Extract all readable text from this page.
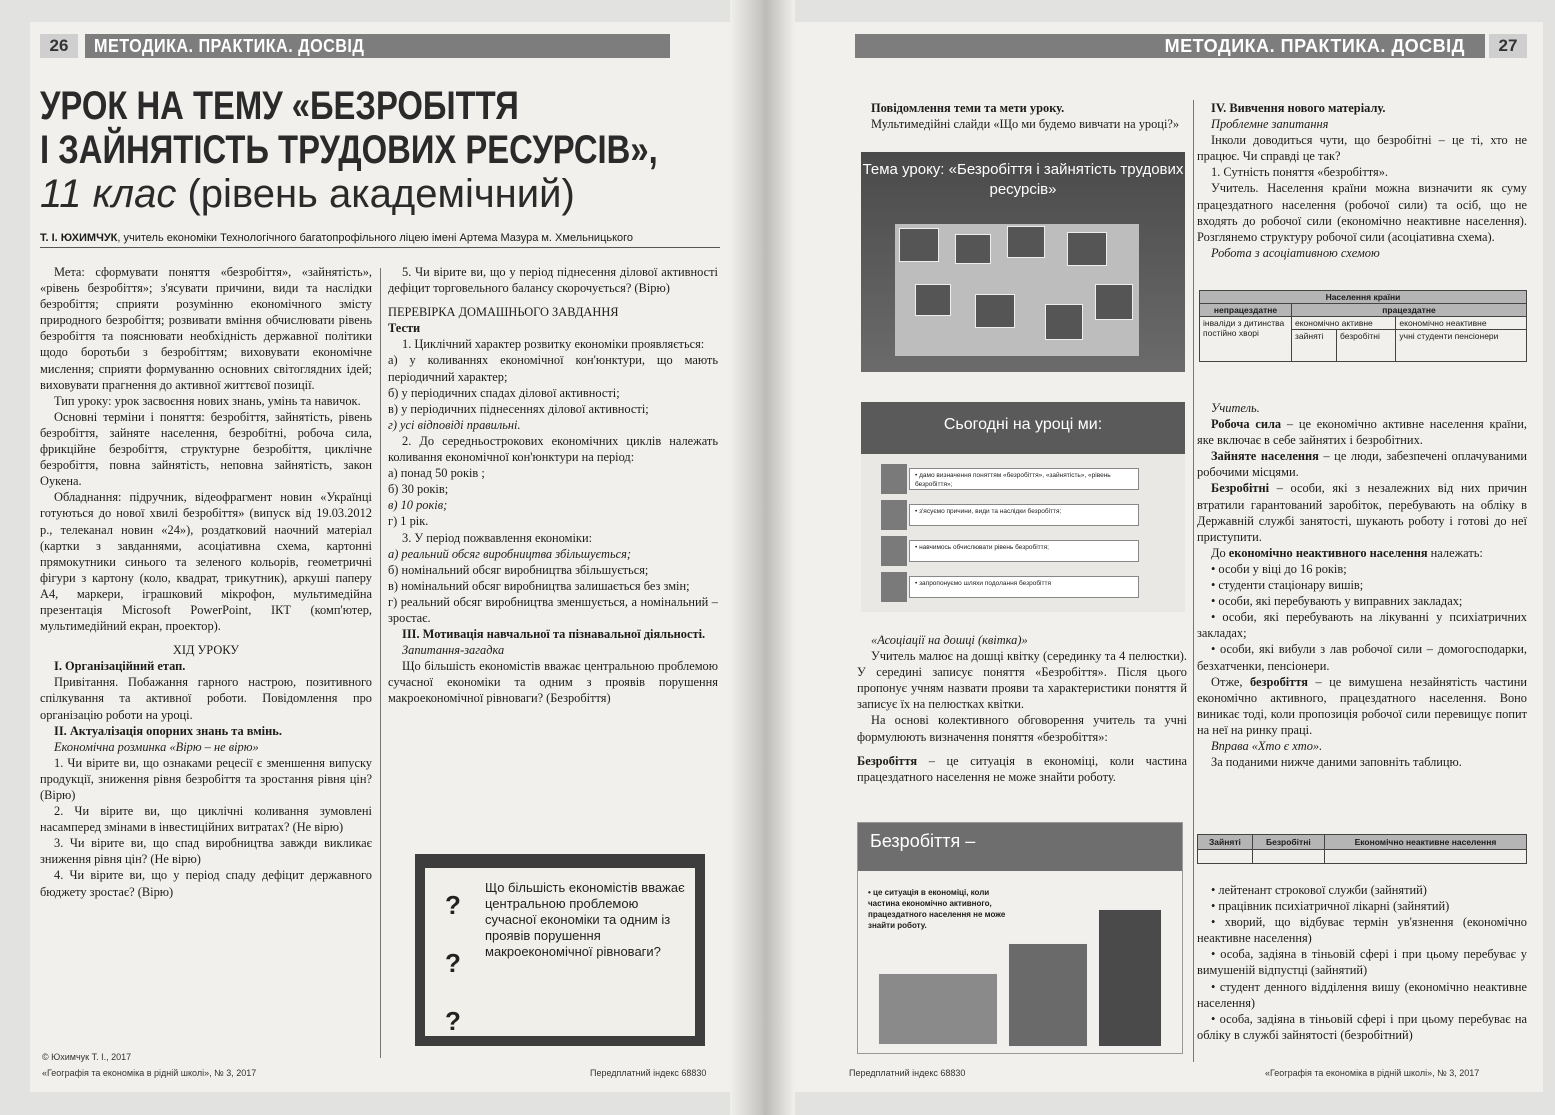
26	МЕТОДИКА. ПРАКТИКА. ДОСВІД
УРОК НА ТЕМУ «БЕЗРОБІТТЯ
І ЗАЙНЯТІСТЬ ТРУДОВИХ РЕСУРСІВ»,
11 клас (рівень академічний)
Т. І. ЮХИМЧУК, учитель економіки Технологічного багатопрофільного ліцею імені Артема Мазура м. Хмельницького

Мета: сформувати поняття «безробіття», «зайнятість», «рівень безробіття»; з'ясувати причини, види та наслідки безробіття; сприяти розумінню економічного змісту природного безробіття; розвивати вміння обчислювати рівень безробіття та пояснювати необхідність державної політики щодо боротьби з безробіттям; виховувати економічне мислення; сприяти формуванню основних світоглядних ідей; виховувати прагнення до активної життєвої позиції.

Тип уроку: урок засвоєння нових знань, умінь та навичок.

Основні терміни і поняття: безробіття, зайнятість, рівень безробіття, зайняте населення, безробітні, робоча сила, фрикційне безробіття, структурне безробіття, циклічне безробіття, повна зайнятість, неповна зайнятість, закон Оукена.

Обладнання: підручник, відеофрагмент новин «Українці готуються до нової хвилі безробіття» (випуск від 19.03.2012 р., телеканал новин «24»), роздатковий наочний матеріал (картки з завданнями, асоціативна схема, картонні прямокутники синього та зеленого кольорів, геометричні фігури з картону (коло, квадрат, трикутник), аркуші паперу А4, маркери, іграшковий мікрофон, мультимедійна презентація Microsoft PowerPoint, ІКТ (комп'ютер, мультимедійний екран, проектор).

ХІД УРОКУ

І. Організаційний етап.

Привітання. Побажання гарного настрою, позитивного спілкування та активної роботи. Повідомлення про організацію роботи на уроці.

ІІ. Актуалізація опорних знань та вмінь.

Економічна розминка «Вірю – не вірю»

1. Чи вірите ви, що ознаками рецесії є зменшення випуску продукції, зниження рівня безробіття та зростання рівня цін? (Вірю)

2. Чи вірите ви, що циклічні коливання зумовлені насамперед змінами в інвестиційних витратах? (Не вірю)

3. Чи вірите ви, що спад виробництва завжди викликає зниження рівня цін? (Не вірю)

4. Чи вірите ви, що у період спаду дефіцит державного бюджету зростає? (Вірю)

5. Чи вірите ви, що у період піднесення ділової активності дефіцит торговельного балансу скорочується? (Вірю)

ПЕРЕВІРКА ДОМАШНЬОГО ЗАВДАННЯ

Тести

1. Циклічний характер розвитку економіки проявляється:

а) у коливаннях економічної кон'юнктури, що мають періодичний характер;

б) у періодичних спадах ділової активності;

в) у періодичних піднесеннях ділової активності;

г) усі відповіді правильні.

2. До середньострокових економічних циклів належать коливання економічної кон'юнктури на період:

а) понад 50 років ;

б) 30 років;

в) 10 років;

г) 1 рік.

3. У період пожвавлення економіки:

а) реальний обсяг виробництва збільшується;

б) номінальний обсяг виробництва збільшується;

в) номінальний обсяг виробництва залишається без змін;

г) реальний обсяг виробництва зменшується, а номінальний – зростає.

ІІІ. Мотивація навчальної та пізнавальної діяльності.

Запитання-загадка

Що більшість економістів вважає центральною проблемою сучасної економіки та одним з проявів порушення макроекономічної рівноваги? (Безробіття)

?
?
?
Що більшість економістів вважає центральною проблемою сучасної економіки та одним із проявів порушення макроекономічної рівноваги?
© Юхимчук Т. І., 2017
«Географія та економіка в рідній школі», № 3, 2017	Передплатний індекс 68830
МЕТОДИКА. ПРАКТИКА. ДОСВІД	27

Повідомлення теми та мети уроку.

Мультимедійні слайди «Що ми будемо вивчати на уроці?»

Тема уроку: «Безробіття і зайнятість трудових ресурсів»
Сьогодні на уроці ми:
• дамо визначення поняттям «безробіття», «зайнятість», «рівень безробіття»;
• з'ясуємо причини, види та наслідки безробіття;
• навчимось обчислювати рівень безробіття;
• запропонуємо шляхи подолання безробіття

«Асоціації на дошці (квітка)»

Учитель малює на дошці квітку (серединку та 4 пелюстки). У середині записує поняття «Безробіття». Після цього пропонує учням назвати прояви та характеристики поняття й записує їх на пелюстках квітки.

На основі колективного обговорення учитель та учні формулюють визначення поняття «безробіття»:

Безробіття – це ситуація в економіці, коли частина працездатного населення не може знайти роботу.

Безробіття –
• це ситуація в економіці, коли частина економічно активного, працездатного населення не може знайти роботу.

IV. Вивчення нового матеріалу.

Проблемне запитання

Інколи доводиться чути, що безробітні – це ті, хто не працює. Чи справді це так?

1. Сутність поняття «безробіття».

Учитель. Населення країни можна визначити як суму працездатного населення (робочої сили) та осіб, що не входять до робочої сили (економічно неактивне населення). Розглянемо структуру робочої сили (асоціативна схема).

Робота з асоціативною схемою

Населення країни			
непрацездатне	працездатне		
інваліди з дитинства постійно хворі	економічно активне		економічно неактивне
	зайняті	безробітні	учні студенти пенсіонери

Учитель.

Робоча сила – це економічно активне населення країни, яке включає в себе зайнятих і безробітних.

Зайняте населення – це люди, забезпечені оплачуваними робочими місцями.

Безробітні – особи, які з незалежних від них причин втратили гарантований заробіток, перебувають на обліку в Державній службі занятості, шукають роботу і готові до неї приступити.

До економічно неактивного населення належать:

• особи у віці до 16 років;

• студенти стаціонару вишів;

• особи, які перебувають у виправних закладах;

• особи, які перебувають на лікуванні у психіатричних закладах;

• особи, які вибули з лав робочої сили – домогосподарки, безхатченки, пенсіонери.

Отже, безробіття – це вимушена незайнятість частини економічно активного, працездатного населення. Воно виникає тоді, коли пропозиція робочої сили перевищує попит на неї на ринку праці.

Вправа «Хто є хто».

За поданими нижче даними заповніть таблицю.

Зайняті	Безробітні	Економічно неактивне населення

• лейтенант строкової служби (зайнятий)

• працівник психіатричної лікарні (зайнятий)

• хворий, що відбуває термін ув'язнення (економічно неактивне населення)

• особа, задіяна в тіньовій сфері і при цьому перебуває у вимушеній відпустці (зайнятий)

• студент денного відділення вишу (економічно неактивне населення)

• особа, задіяна в тіньовій сфері і при цьому перебуває на обліку в службі зайнятості (безробітний)

Передплатний індекс 68830	«Географія та економіка в рідній школі», № 3, 2017
